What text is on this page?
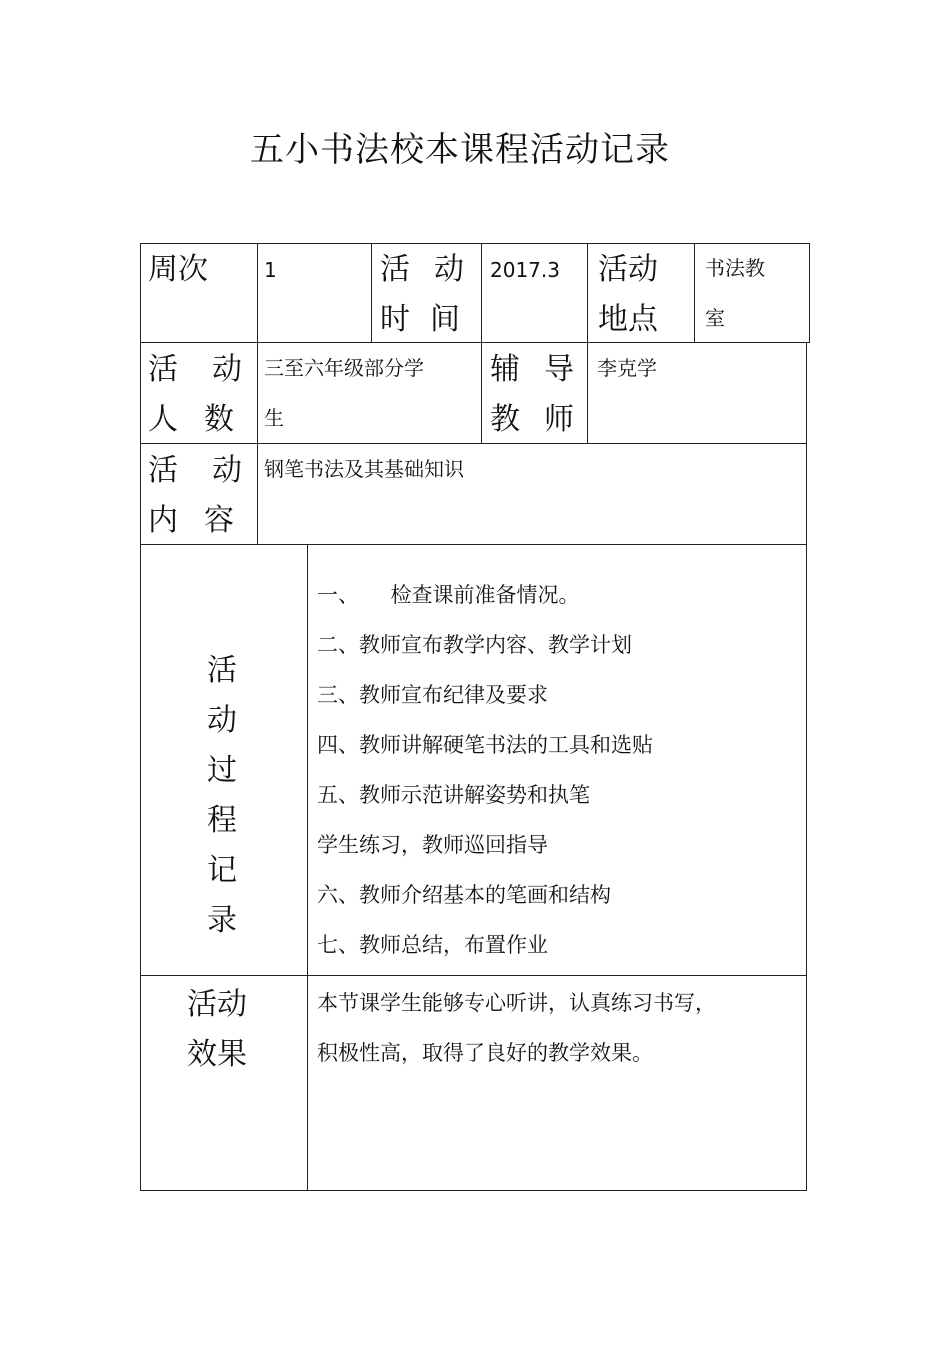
五小书法校本课程活动记录
周次	1	活 动
时 间
2017.3 活动
地点
书法教
室
活 动
人 数
三至六年级部分学
生
辅 导
教 师
李克学
活 动
内 容
钢笔书法及其基础知识
活
动
过
程
记
录
一、　　检查课前准备情况。
二、教师宣布教学内容、教学计划
三、教师宣布纪律及要求
四、教师讲解硬笔书法的工具和选贴
五、教师示范讲解姿势和执笔
学生练习，教师巡回指导
六、教师介绍基本的笔画和结构
七、教师总结，布置作业
活动
效果
本节课学生能够专心听讲，认真练习书写，
积极性高，取得了良好的教学效果。
